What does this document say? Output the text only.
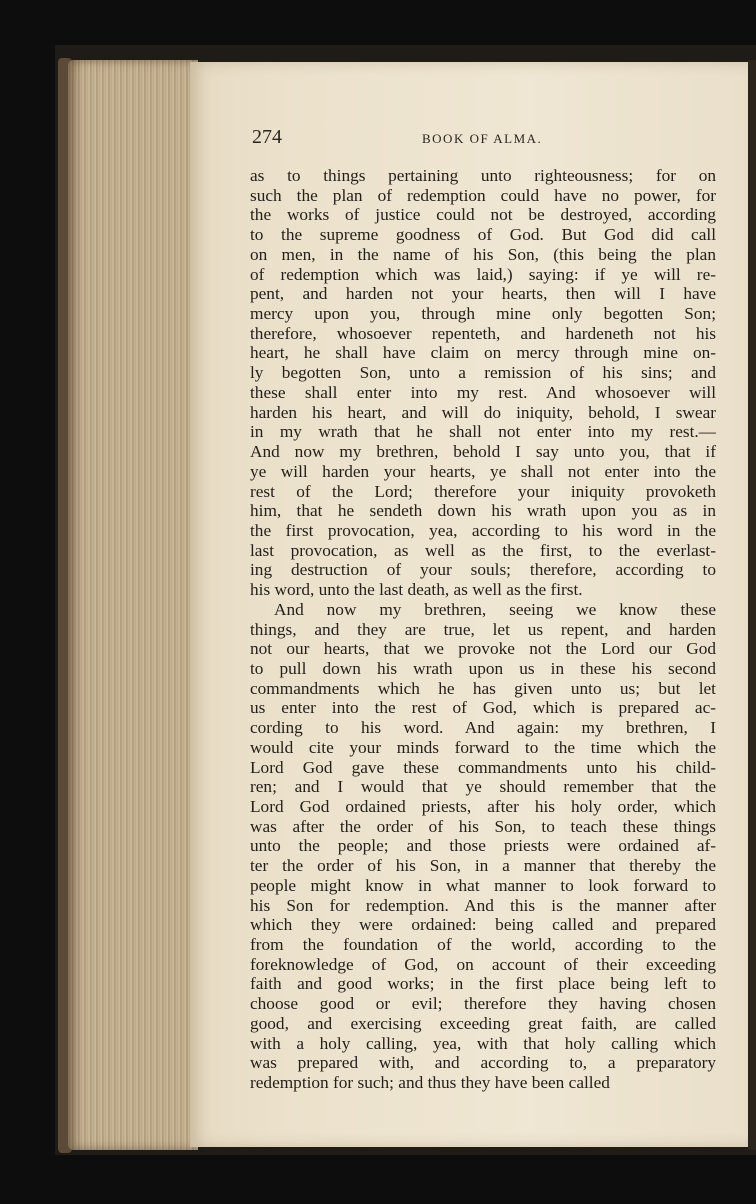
274	BOOK OF ALMA.
as to things pertaining unto righteousness; for on
such the plan of redemption could have no power, for
the works of justice could not be destroyed, according
to the supreme goodness of God. But God did call
on men, in the name of his Son, (this being the plan
of redemption which was laid,) saying: if ye will re-
pent, and harden not your hearts, then will I have
mercy upon you, through mine only begotten Son;
therefore, whosoever repenteth, and hardeneth not his
heart, he shall have claim on mercy through mine on-
ly begotten Son, unto a remission of his sins; and
these shall enter into my rest. And whosoever will
harden his heart, and will do iniquity, behold, I swear
in my wrath that he shall not enter into my rest.—
And now my brethren, behold I say unto you, that if
ye will harden your hearts, ye shall not enter into the
rest of the Lord; therefore your iniquity provoketh
him, that he sendeth down his wrath upon you as in
the first provocation, yea, according to his word in the
last provocation, as well as the first, to the everlast-
ing destruction of your souls; therefore, according to
his word, unto the last death, as well as the first.
And now my brethren, seeing we know these
things, and they are true, let us repent, and harden
not our hearts, that we provoke not the Lord our God
to pull down his wrath upon us in these his second
commandments which he has given unto us; but let
us enter into the rest of God, which is prepared ac-
cording to his word. And again: my brethren, I
would cite your minds forward to the time which the
Lord God gave these commandments unto his child-
ren; and I would that ye should remember that the
Lord God ordained priests, after his holy order, which
was after the order of his Son, to teach these things
unto the people; and those priests were ordained af-
ter the order of his Son, in a manner that thereby the
people might know in what manner to look forward to
his Son for redemption. And this is the manner after
which they were ordained: being called and prepared
from the foundation of the world, according to the
foreknowledge of God, on account of their exceeding
faith and good works; in the first place being left to
choose good or evil; therefore they having chosen
good, and exercising exceeding great faith, are called
with a holy calling, yea, with that holy calling which
was prepared with, and according to, a preparatory
redemption for such; and thus they have been called
